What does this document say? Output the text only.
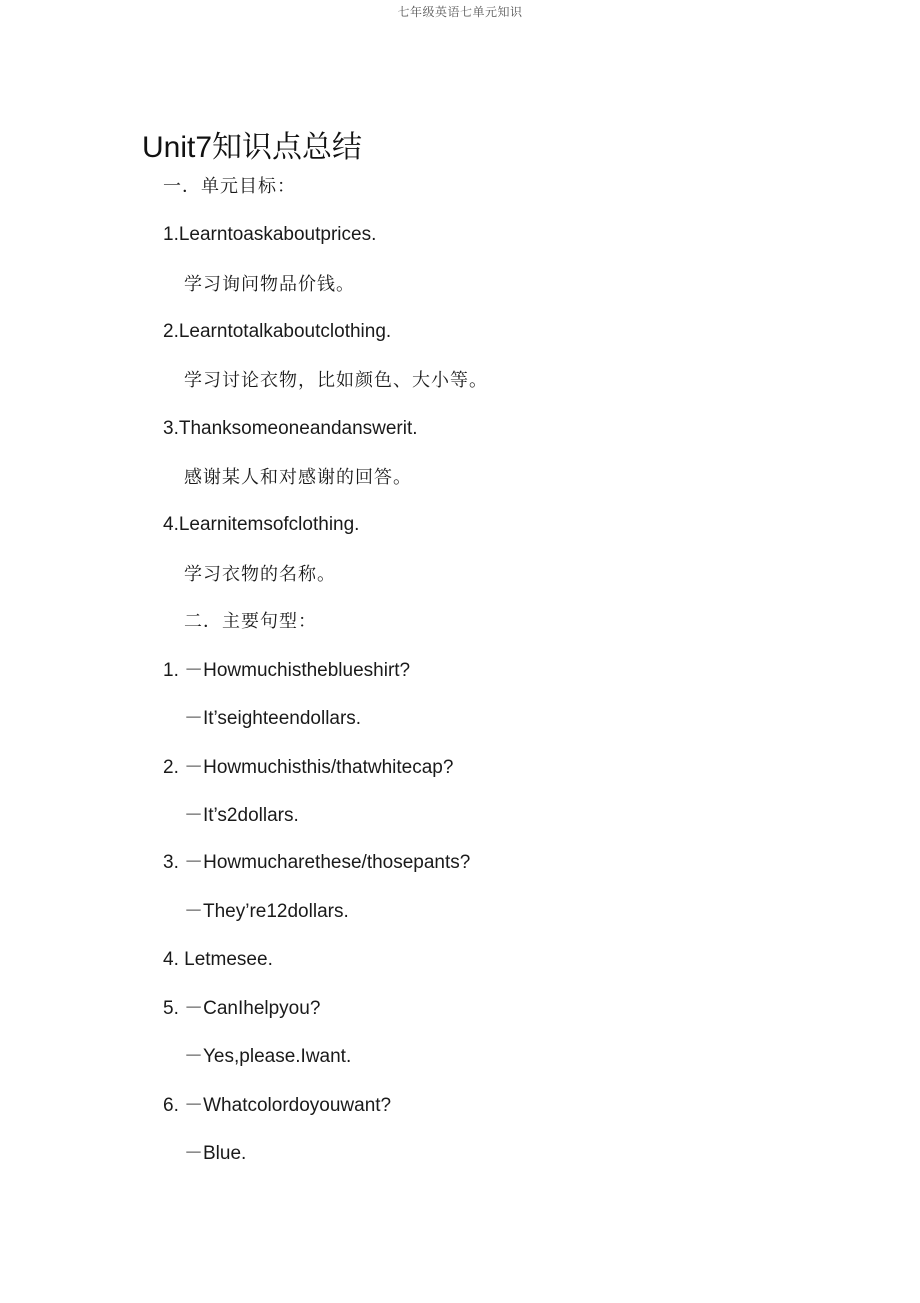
七年级英语七单元知识
Unit7知识点总结
一．单元目标：
1.Learntoaskaboutprices.
学习询问物品价钱。
2.Learntotalkaboutclothing.
学习讨论衣物，比如颜色、大小等。
3.Thanksomeoneandanswerit.
感谢某人和对感谢的回答。
4.Learnitemsofclothing.
学习衣物的名称。
二．主要句型：
1. －Howmuchistheblueshirt?
－It’seighteendollars.
2. －Howmuchisthis/thatwhitecap?
－It’s2dollars.
3. －Howmucharethese/thosepants?
－They’re12dollars.
4. Letmesee.
5. －CanIhelpyou?
－Yes,please.Iwant.
6. －Whatcolordoyouwant?
－Blue.
